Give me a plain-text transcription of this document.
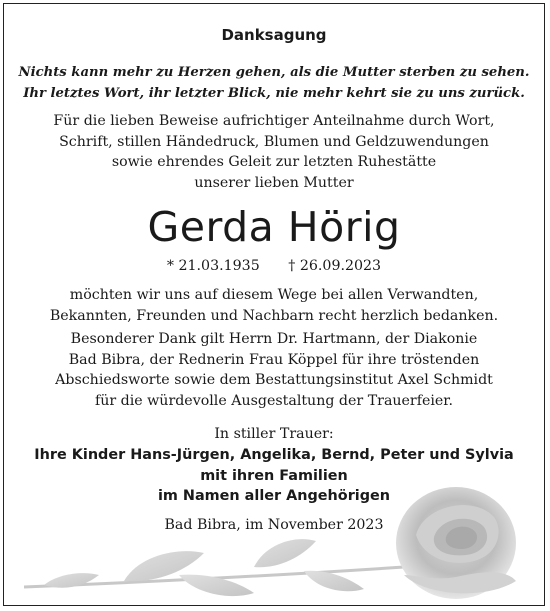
Danksagung
Nichts kann mehr zu Herzen gehen, als die Mutter sterben zu sehen.
Ihr letztes Wort, ihr letzter Blick, nie mehr kehrt sie zu uns zurück.
Für die lieben Beweise aufrichtiger Anteilnahme durch Wort,
Schrift, stillen Händedruck, Blumen und Geldzuwendungen
sowie ehrendes Geleit zur letzten Ruhestätte
unserer lieben Mutter
Gerda Hörig
* 21.03.1935 † 26.09.2023
möchten wir uns auf diesem Wege bei allen Verwandten,
Bekannten, Freunden und Nachbarn recht herzlich bedanken.
Besonderer Dank gilt Herrn Dr. Hartmann, der Diakonie
Bad Bibra, der Rednerin Frau Köppel für ihre tröstenden
Abschiedsworte sowie dem Bestattungsinstitut Axel Schmidt
für die würdevolle Ausgestaltung der Trauerfeier.
In stiller Trauer:
Ihre Kinder Hans-Jürgen, Angelika, Bernd, Peter und Sylvia
mit ihren Familien
im Namen aller Angehörigen
Bad Bibra, im November 2023
